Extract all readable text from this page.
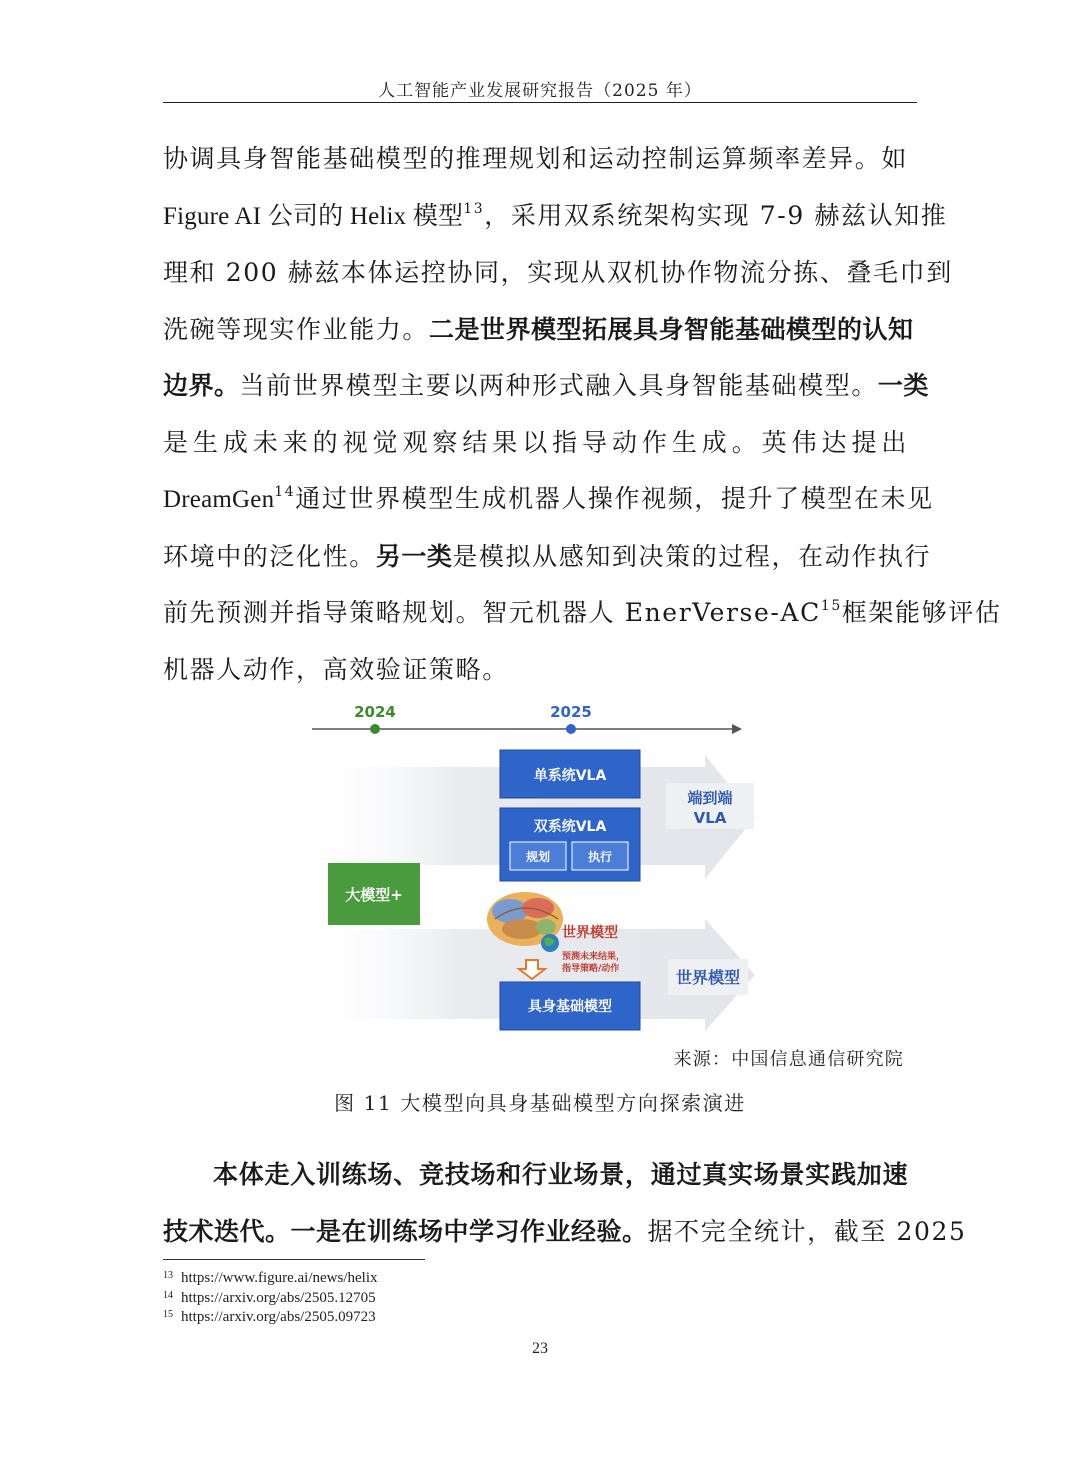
人工智能产业发展研究报告（2025 年）
协调具身智能基础模型的推理规划和运动控制运算频率差异。如
Figure AI 公司的 Helix 模型$^{13}$，采用双系统架构实现 7-9 赫兹认知推
理和 200 赫兹本体运控协同，实现从双机协作物流分拣、叠毛巾到
洗碗等现实作业能力。二是世界模型拓展具身智能基础模型的认知
边界。当前世界模型主要以两种形式融入具身智能基础模型。一类
是生成未来的视觉观察结果以指导动作生成。英伟达提出
DreamGen$^{14}$通过世界模型生成机器人操作视频，提升了模型在未见
环境中的泛化性。另一类是模拟从感知到决策的过程，在动作执行
前先预测并指导策略规划。智元机器人 EnerVerse-AC$^{15}$框架能够评估
机器人动作，高效验证策略。
2024	2025
单系统VLA
双系统VLA
规划	执行
端到端
VLA
大模型+
世界模型
预测未来结果，
指导策略/动作
具身基础模型
世界模型
来源：中国信息通信研究院
图 11 大模型向具身基础模型方向探索演进
本体走入训练场、竞技场和行业场景，通过真实场景实践加速
技术迭代。一是在训练场中学习作业经验。据不完全统计，截至 2025
13 https://www.figure.ai/news/helix
14 https://arxiv.org/abs/2505.12705
15 https://arxiv.org/abs/2505.09723
23
